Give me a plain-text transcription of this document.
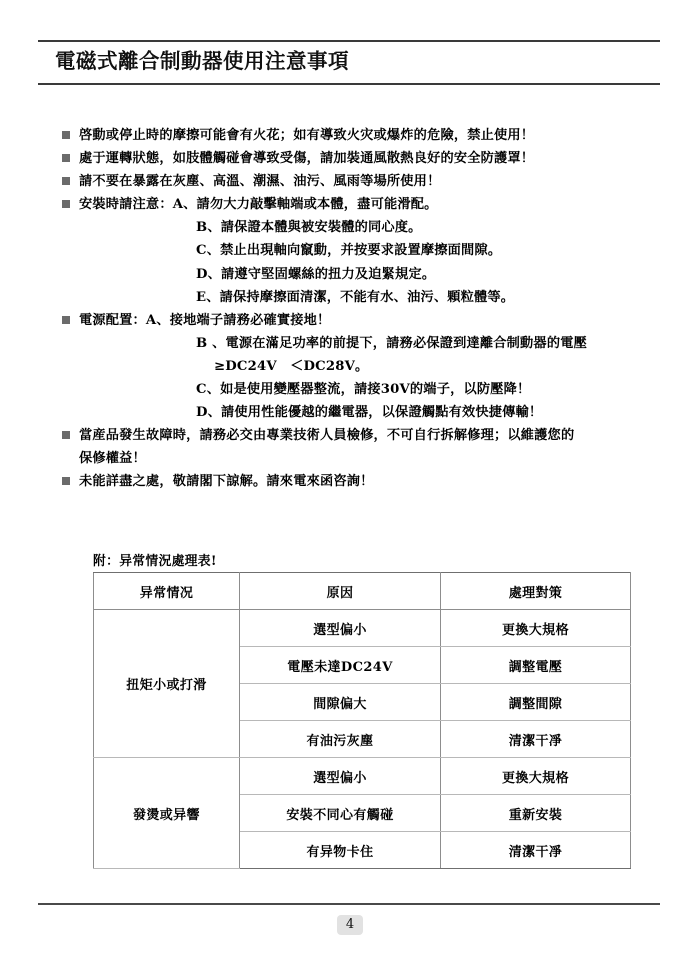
電磁式離合制動器使用注意事項
啓動或停止時的摩擦可能會有火花；如有導致火灾或爆炸的危險，禁止使用！
處于運轉狀態，如肢體觸碰會導致受傷，請加裝通風散熱良好的安全防護罩！
請不要在暴露在灰塵、高溫、潮濕、油污、風雨等場所使用！
安裝時請注意：A、請勿大力敲擊軸端或本體，盡可能滑配。
B、請保證本體與被安裝體的同心度。
C、禁止出現軸向竄動，并按要求設置摩擦面間隙。
D、請遵守堅固螺絲的扭力及迫緊規定。
E、請保持摩擦面清潔，不能有水、油污、顆粒體等。
電源配置：A、接地端子請務必確實接地！
B 、電源在滿足功率的前提下，請務必保證到達離合制動器的電壓
≥DC24V　＜DC28V。
C、如是使用變壓器整流，請接30V的端子，以防壓降！
D、請使用性能優越的繼電器，以保證觸點有效快捷傳輸！
當産品發生故障時，請務必交由專業技術人員檢修，不可自行拆解修理；以維護您的
保修權益！
未能詳盡之處，敬請閣下諒解。請來電來函咨詢！
附：异常情況處理表!
异常情况	原因	處理對策
扭矩小或打滑	選型偏小	更換大規格
	電壓未達DC24V	調整電壓
	間隙偏大	調整間隙
	有油污灰塵	清潔干凈
發燙或异響	選型偏小	更換大規格
	安裝不同心有觸碰	重新安裝
	有异物卡住	清潔干凈
4
